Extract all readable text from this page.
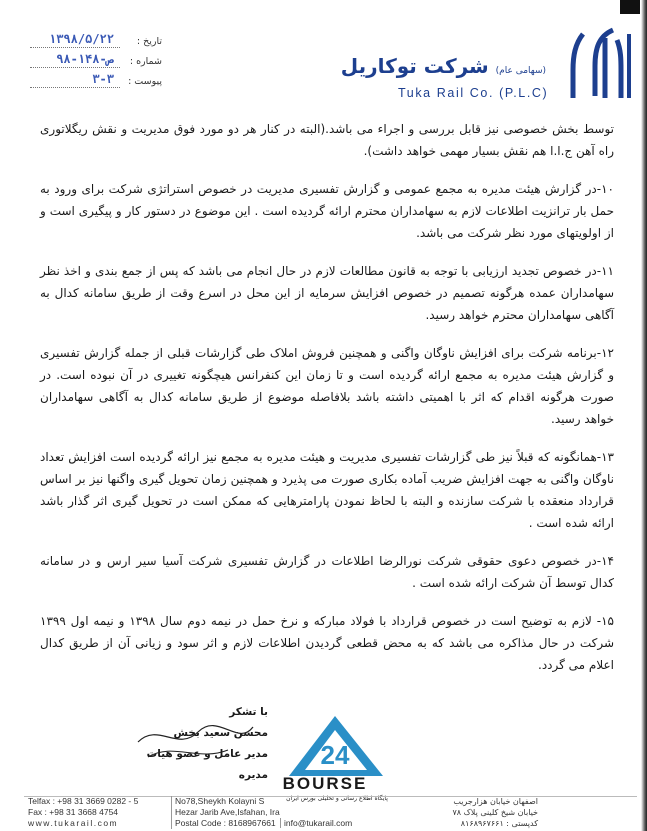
(سهامی عام) شرکت توکاریل
Tuka Rail Co. (P.L.C)
تاریخ :
۱۳۹۸/۵/۲۲
شماره :
۹۸-۱۴۸-ص
پیوست :
۳-۳

توسط بخش خصوصی نیز قابل بررسی و اجراء می باشد.(البته در کنار هر دو مورد فوق مدیریت و نقش ریگلاتوری راه آهن ج.ا.ا هم نقش بسیار مهمی خواهد داشت).

۱۰-در گزارش هیئت مدیره به مجمع عمومی و گزارش تفسیری مدیریت در خصوص استراتژی شرکت برای ورود به حمل بار ترانزیت اطلاعات لازم به سهامداران محترم ارائه گردیده است . این موضوع در دستور کار و پیگیری است و از اولویتهای مورد نظر شرکت می باشد.

۱۱-در خصوص تجدید ارزیابی با توجه به قانون مطالعات لازم در حال انجام می باشد که پس از جمع بندی و اخذ نظر سهامداران عمده هرگونه تصمیم در خصوص افزایش سرمایه از این محل در اسرع وقت از طریق سامانه کدال به آگاهی سهامداران محترم خواهد رسید.

۱۲-برنامه شرکت برای افزایش ناوگان واگنی و همچنین فروش املاک طی گزارشات قبلی از جمله گزارش تفسیری و گزارش هیئت مدیره به مجمع ارائه گردیده است و تا زمان این کنفرانس هیچگونه تغییری در آن نبوده است. در صورت هرگونه اقدام که اثر با اهمیتی داشته باشد بلافاصله موضوع از طریق سامانه کدال به آگاهی سهامداران خواهد رسید.

۱۳-همانگونه که قبلاً نیز طی گزارشات تفسیری مدیریت و هیئت مدیره به مجمع نیز ارائه گردیده است افزایش تعداد ناوگان واگنی به جهت افزایش ضریب آماده بکاری صورت می پذیرد و همچنین زمان تحویل گیری واگنها نیز بر اساس قرارداد منعقده با شرکت سازنده و البته با لحاظ نمودن پارامترهایی که ممکن است در تحویل گیری اثر گذار باشد ارائه شده است .

۱۴-در خصوص دعوی حقوقی شرکت نورالرضا اطلاعات در گزارش تفسیری شرکت آسیا سیر ارس و در سامانه کدال توسط آن شرکت ارائه شده است .

۱۵- لازم به توضیح است در خصوص قرارداد با فولاد مبارکه و نرخ حمل در نیمه دوم سال ۱۳۹۸ و نیمه اول ۱۳۹۹ شرکت در حال مذاکره می باشد که به محض قطعی گردیدن اطلاعات لازم و اثر سود و زیانی آن از طریق کدال اعلام می گردد.

با تشکر
محسن سعید بخش
مدیر عامل و عضو هیات مدیره
24
BOURSE
پایگاه اطلاع رسانی و تحلیلی بورس ایران
Telfax : +98 31 3669 0282 - 5
Fax : +98 31 3668 4754
www.tukarail.com
No78,Sheykh Kolayni S
Hezar Jarib Ave,Isfahan, Ira
Postal Code : 8168967661 info@tukarail.com
اصفهان خیابان هزارجریب
خیابان شیخ کلینی پلاک ۷۸
کدپستی : ۸۱۶۸۹۶۷۶۶۱
